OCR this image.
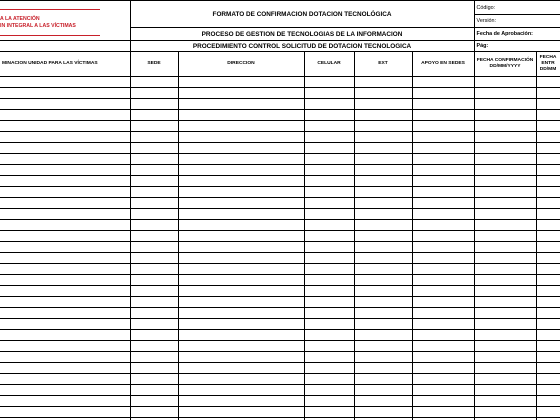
A LA ATENCIÓN
IN INTEGRAL A LAS VÍCTIMAS	FORMATO DE CONFIRMACION DOTACION TECNOLÓGICA					Código:	
						Versión:	
	PROCESO DE GESTION DE TECNOLOGIAS DE LA INFORMACION					Fecha de Aprobación:	
	PROCEDIMIENTO CONTROL SOLICITUD DE DOTACION TECNOLOGICA					Pág:	
MINACION UNIDAD PARA LAS VÍCTIMAS	SEDE	DIRECCION	CELULAR	EXT	APOYO EN SEDES	FECHA CONFIRMACIÓN DD/MM/YYYY	FECHA ENTR DD/MM
